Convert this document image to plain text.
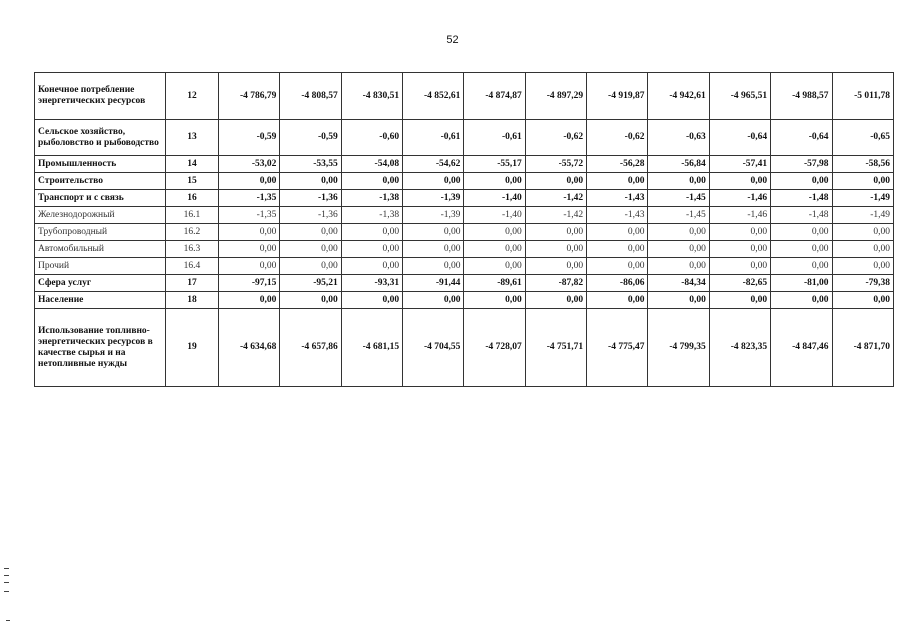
52
Конечное потребление энергетических ресурсов	12	-4 786,79	-4 808,57	-4 830,51	-4 852,61	-4 874,87	-4 897,29	-4 919,87	-4 942,61	-4 965,51	-4 988,57	-5 011,78
Сельское хозяйство, рыболовство и рыбоводство	13	-0,59	-0,59	-0,60	-0,61	-0,61	-0,62	-0,62	-0,63	-0,64	-0,64	-0,65
Промышленность	14	-53,02	-53,55	-54,08	-54,62	-55,17	-55,72	-56,28	-56,84	-57,41	-57,98	-58,56
Строительство	15	0,00	0,00	0,00	0,00	0,00	0,00	0,00	0,00	0,00	0,00	0,00
Транспорт и с связь	16	-1,35	-1,36	-1,38	-1,39	-1,40	-1,42	-1,43	-1,45	-1,46	-1,48	-1,49
Железнодорожный	16.1	-1,35	-1,36	-1,38	-1,39	-1,40	-1,42	-1,43	-1,45	-1,46	-1,48	-1,49
Трубопроводный	16.2	0,00	0,00	0,00	0,00	0,00	0,00	0,00	0,00	0,00	0,00	0,00
Автомобильный	16.3	0,00	0,00	0,00	0,00	0,00	0,00	0,00	0,00	0,00	0,00	0,00
Прочий	16.4	0,00	0,00	0,00	0,00	0,00	0,00	0,00	0,00	0,00	0,00	0,00
Сфера услуг	17	-97,15	-95,21	-93,31	-91,44	-89,61	-87,82	-86,06	-84,34	-82,65	-81,00	-79,38
Население	18	0,00	0,00	0,00	0,00	0,00	0,00	0,00	0,00	0,00	0,00	0,00
Использование топливно-энергетических ресурсов в качестве сырья и на нетопливные нужды	19	-4 634,68	-4 657,86	-4 681,15	-4 704,55	-4 728,07	-4 751,71	-4 775,47	-4 799,35	-4 823,35	-4 847,46	-4 871,70
